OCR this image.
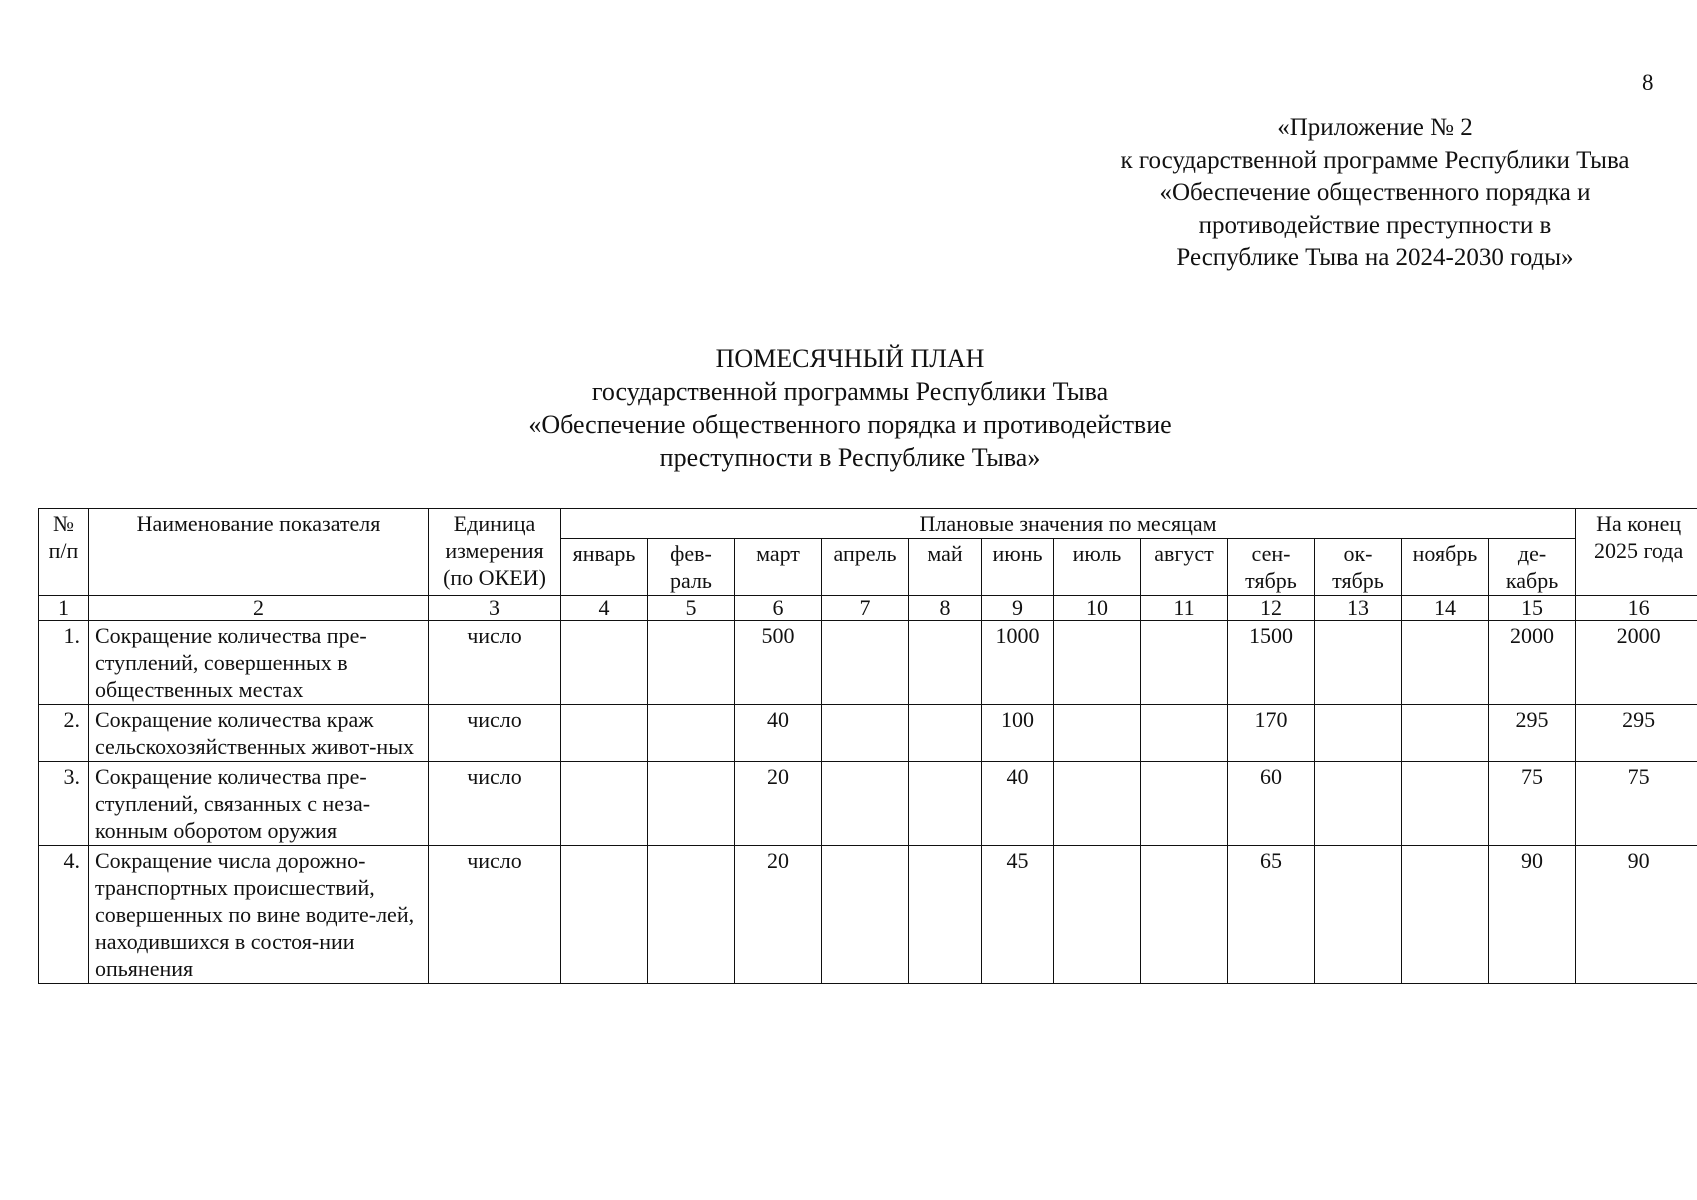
8
«Приложение № 2
к государственной программе Республики Тыва
«Обеспечение общественного порядка и
противодействие преступности в
Республике Тыва на 2024-2030 годы»
ПОМЕСЯЧНЫЙ ПЛАН
государственной программы Республики Тыва
«Обеспечение общественного порядка и противодействие
преступности в Республике Тыва»
№ п/п	Наименование показателя	Единица измерения (по ОКЕИ)	Плановые значения по месяцам												На конец 2025 года
			январь	фев-раль	март	апрель	май	июнь	июль	август	сен-тябрь	ок-тябрь	ноябрь	де-кабрь	
1	2	3	4	5	6	7	8	9	10	11	12	13	14	15	16
1.	Сокращение количества пре-ступлений, совершенных в общественных местах	число			500			1000			1500			2000	2000
2.	Сокращение количества краж сельскохозяйственных живот-ных	число			40			100			170			295	295
3.	Сокращение количества пре-ступлений, связанных с неза-конным оборотом оружия	число			20			40			60			75	75
4.	Сокращение числа дорожно-транспортных происшествий, совершенных по вине водите-лей, находившихся в состоя-нии опьянения	число			20			45			65			90	90
